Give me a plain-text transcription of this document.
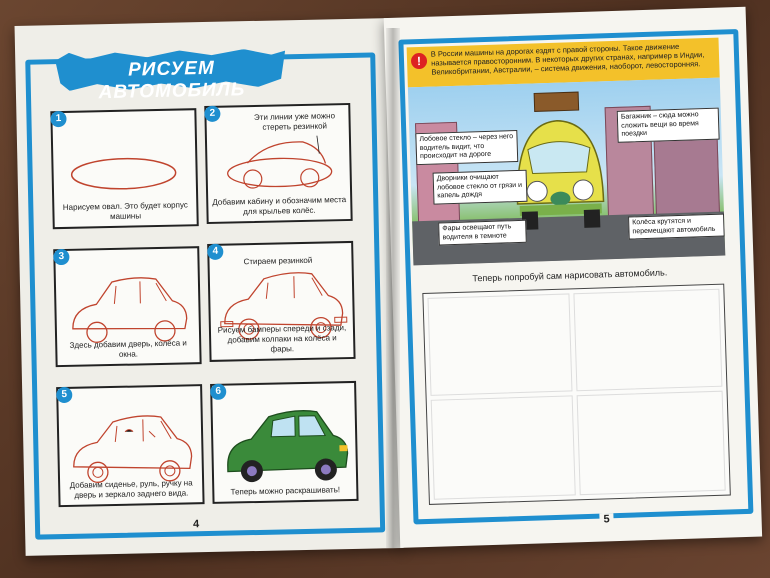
РИСУЕМ АВТОМОБИЛЬ
1
Нарисуем овал. Это будет корпус машины
2	Эти линии уже можно стереть резинкой
Добавим кабину и обозначим места для крыльев колёс.
3
Здесь добавим дверь, колёса и окна.
4
Стираем резинкой
Рисуем бамперы спереди и сзади, добавим колпаки на колёса и фары.
5
Добавим сиденье, руль, ручку на дверь и зеркало заднего вида.
6
Теперь можно раскрашивать!
4
!
В России машины на дорогах ездят с правой стороны. Такое движение называется правосторонним. В некоторых других странах, например в Индии, Великобритании, Австралии, – система движения, наоборот, левосторонняя.
Лобовое стекло – через него водитель видит, что происходит на дороге
Багажник – сюда можно сложить вещи во время поездки
Дворники очищают лобовое стекло от грязи и капель дождя
Фары освещают путь водителя в темноте
Колёса крутятся и перемещают автомобиль
Теперь попробуй сам нарисовать автомобиль.
5
